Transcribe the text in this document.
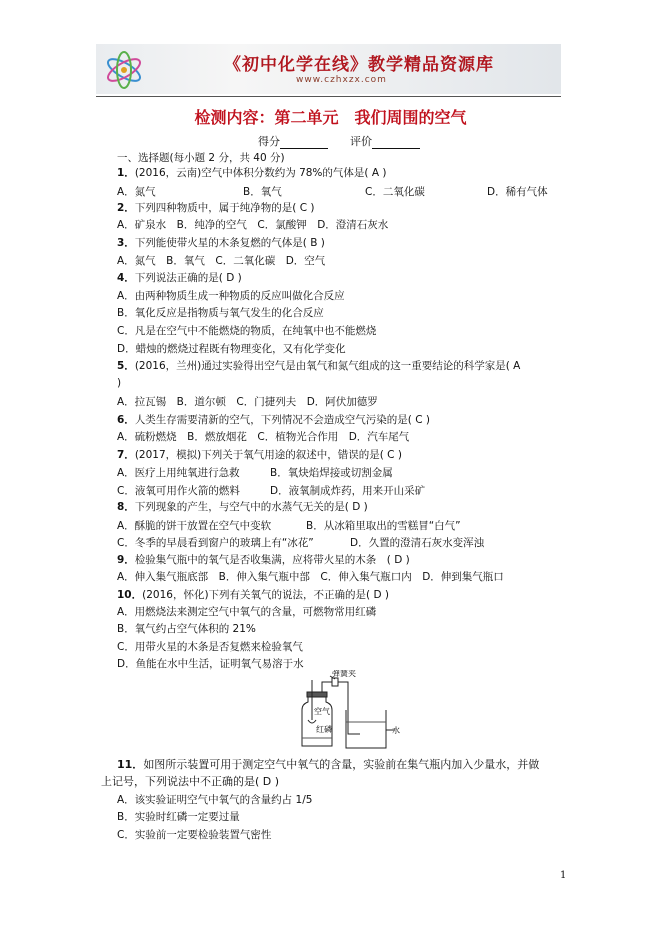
《初中化学在线》教学精品资源库
www.czhxzx.com
检测内容：第二单元　我们周围的空气
得分	评价
一、选择题(每小题 2 分，共 40 分)
1．(2016，云南)空气中体积分数约为 78%的气体是( A )
A．氮气	B．氧气	C．二氧化碳	D．稀有气体
2．下列四种物质中，属于纯净物的是( C )
A．矿泉水　B．纯净的空气　C．氯酸钾　D．澄清石灰水
3．下列能使带火星的木条复燃的气体是( B )
A．氮气　B．氧气　C．二氧化碳　D．空气
4．下列说法正确的是( D )
A．由两种物质生成一种物质的反应叫做化合反应
B．氧化反应是指物质与氧气发生的化合反应
C．凡是在空气中不能燃烧的物质，在纯氧中也不能燃烧
D．蜡烛的燃烧过程既有物理变化，又有化学变化
5．(2016，兰州)通过实验得出空气是由氧气和氮气组成的这一重要结论的科学家是( A
)
A．拉瓦锡　B．道尔顿　C．门捷列夫　D．阿伏加德罗
6．人类生存需要清新的空气，下列情况不会造成空气污染的是( C )
A．硫粉燃烧　B．燃放烟花　C．植物光合作用　D．汽车尾气
7．(2017，模拟)下列关于氧气用途的叙述中，错误的是( C )
A．医疗上用纯氧进行急救	B．氧炔焰焊接或切割金属
C．液氧可用作火箭的燃料	D．液氧制成炸药，用来开山采矿
8．下列现象的产生，与空气中的水蒸气无关的是( D )
A．酥脆的饼干放置在空气中变软	B．从冰箱里取出的雪糕冒“白气”
C．冬季的早晨看到窗户的玻璃上有“冰花”	D．久置的澄清石灰水变浑浊
9．检验集气瓶中的氧气是否收集满，应将带火星的木条　( D )
A．伸入集气瓶底部　B．伸入集气瓶中部　C．伸入集气瓶口内　D．伸到集气瓶口
10．(2016，怀化)下列有关氧气的说法，不正确的是( D )
A．用燃烧法来测定空气中氧气的含量，可燃物常用红磷
B．氧气约占空气体积的 21%
C．用带火星的木条是否复燃来检验氧气
D．鱼能在水中生活，证明氧气易溶于水
弹簧夹
空气
红磷	水
11．如图所示装置可用于测定空气中氧气的含量，实验前在集气瓶内加入少量水，并做
上记号，下列说法中不正确的是( D )
A．该实验证明空气中氧气的含量约占 1/5
B．实验时红磷一定要过量
C．实验前一定要检验装置气密性
1
